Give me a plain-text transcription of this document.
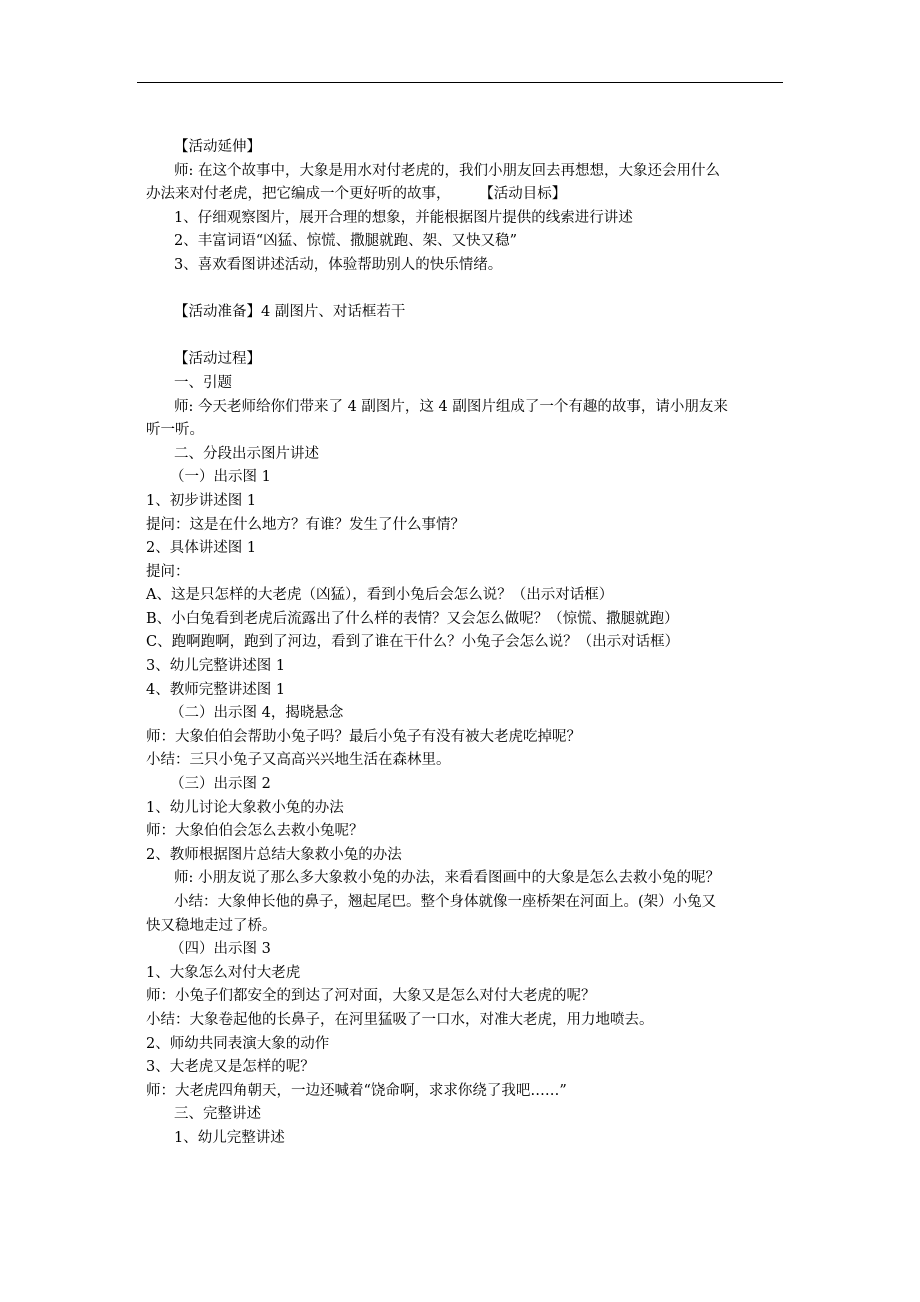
【活动延伸】
师: 在这个故事中，大象是用水对付老虎的，我们小朋友回去再想想，大象还会用什么
办法来对付老虎，把它编成一个更好听的故事， 【活动目标】
1、仔细观察图片，展开合理的想象，并能根据图片提供的线索进行讲述
2、丰富词语“凶猛、惊慌、撒腿就跑、架、又快又稳”
3、喜欢看图讲述活动，体验帮助别人的快乐情绪。
【活动准备】4 副图片、对话框若干
【活动过程】
一、引题
师: 今天老师给你们带来了 4 副图片，这 4 副图片组成了一个有趣的故事，请小朋友来
听一听。
二、分段出示图片讲述
（一）出示图 1
1、初步讲述图 1
提问：这是在什么地方？有谁？发生了什么事情？
2、具体讲述图 1
提问：
A、这是只怎样的大老虎（凶猛），看到小兔后会怎么说？（出示对话框）
B、小白兔看到老虎后流露出了什么样的表情？又会怎么做呢？（惊慌、撒腿就跑）
C、跑啊跑啊，跑到了河边，看到了谁在干什么？小兔子会怎么说？（出示对话框）
3、幼儿完整讲述图 1
4、教师完整讲述图 1
（二）出示图 4，揭晓悬念
师：大象伯伯会帮助小兔子吗？最后小兔子有没有被大老虎吃掉呢？
小结：三只小兔子又高高兴兴地生活在森林里。
（三）出示图 2
1、幼儿讨论大象救小兔的办法
师：大象伯伯会怎么去救小兔呢？
2、教师根据图片总结大象救小兔的办法
师: 小朋友说了那么多大象救小兔的办法，来看看图画中的大象是怎么去救小兔的呢？
小结：大象伸长他的鼻子，翘起尾巴。整个身体就像一座桥架在河面上。(架）小兔又
快又稳地走过了桥。
（四）出示图 3
1、大象怎么对付大老虎
师：小兔子们都安全的到达了河对面，大象又是怎么对付大老虎的呢？
小结：大象卷起他的长鼻子，在河里猛吸了一口水，对准大老虎，用力地喷去。
2、师幼共同表演大象的动作
3、大老虎又是怎样的呢？
师：大老虎四角朝天，一边还喊着“饶命啊，求求你绕了我吧……”
三、完整讲述
1、幼儿完整讲述
